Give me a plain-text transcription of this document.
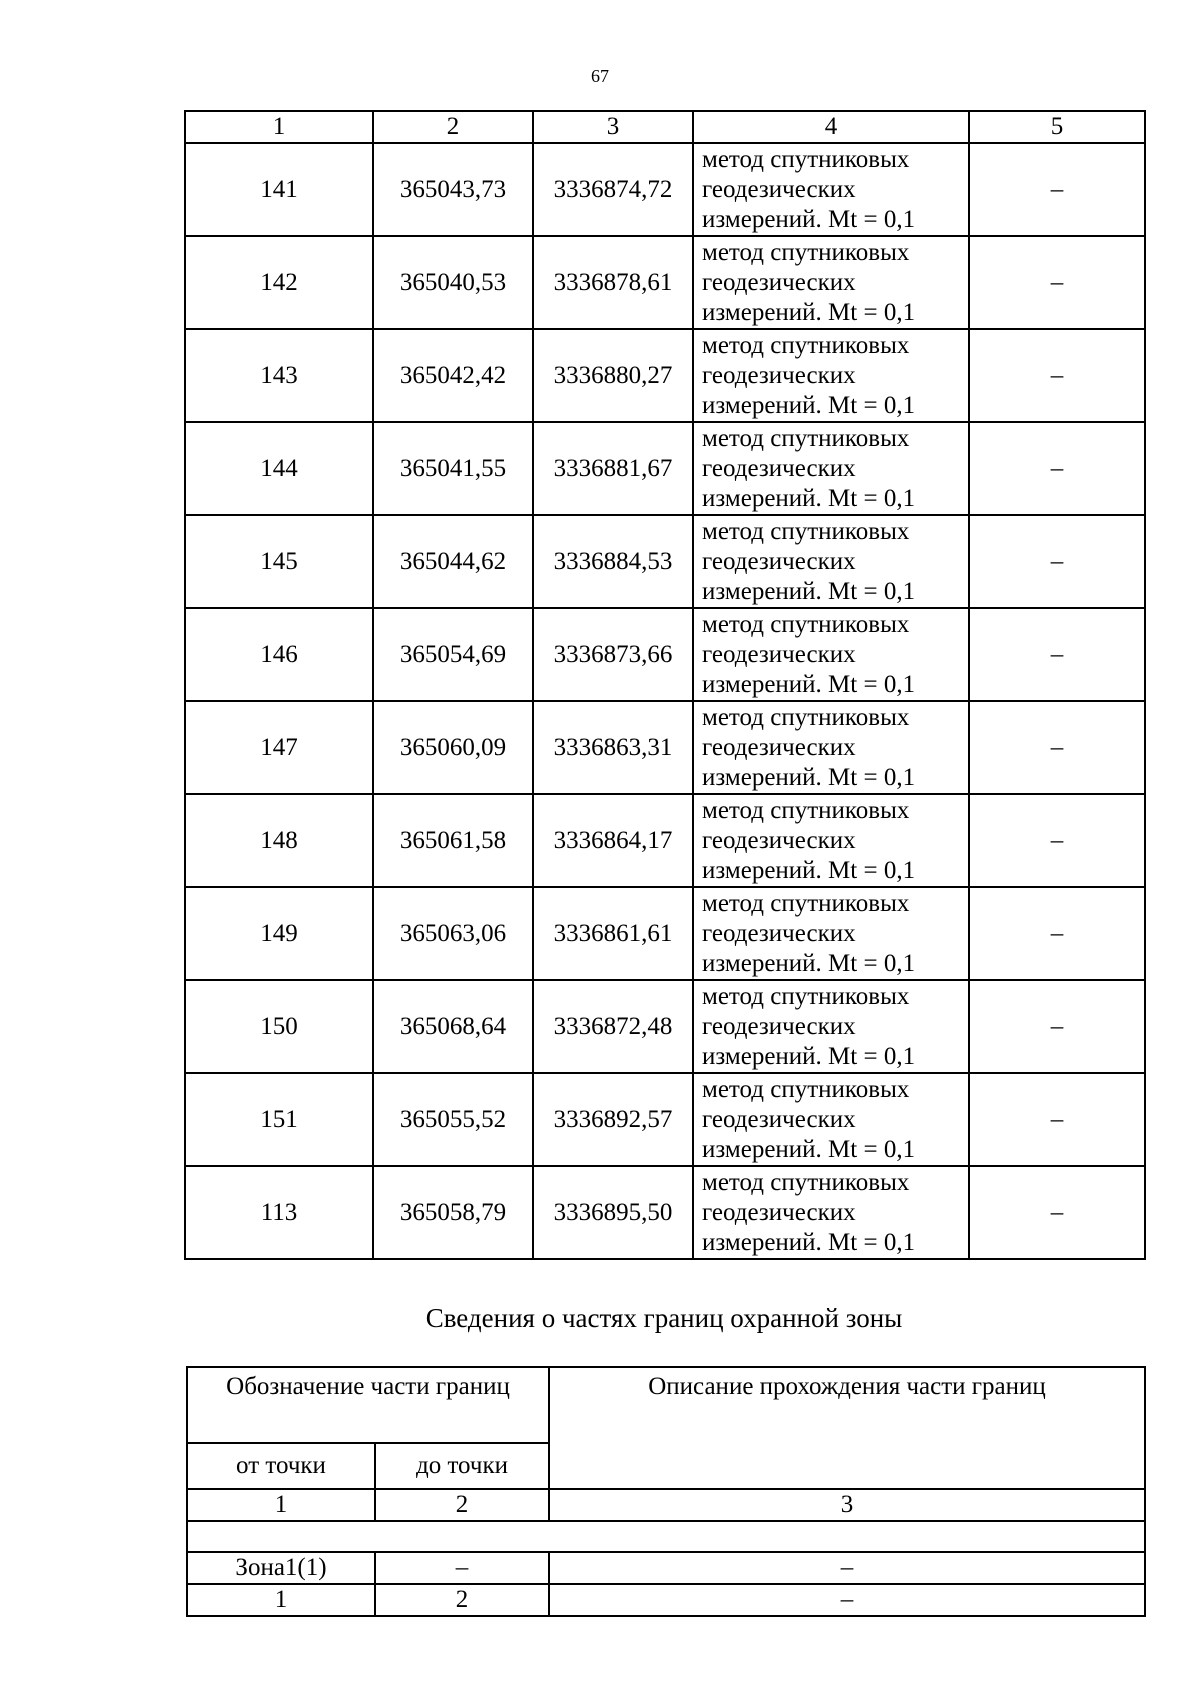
67
1	2	3	4	5
141	365043,73	3336874,72	метод спутниковых
геодезических
измерений. Mt = 0,1	–
142	365040,53	3336878,61	метод спутниковых
геодезических
измерений. Mt = 0,1	–
143	365042,42	3336880,27	метод спутниковых
геодезических
измерений. Mt = 0,1	–
144	365041,55	3336881,67	метод спутниковых
геодезических
измерений. Mt = 0,1	–
145	365044,62	3336884,53	метод спутниковых
геодезических
измерений. Mt = 0,1	–
146	365054,69	3336873,66	метод спутниковых
геодезических
измерений. Mt = 0,1	–
147	365060,09	3336863,31	метод спутниковых
геодезических
измерений. Mt = 0,1	–
148	365061,58	3336864,17	метод спутниковых
геодезических
измерений. Mt = 0,1	–
149	365063,06	3336861,61	метод спутниковых
геодезических
измерений. Mt = 0,1	–
150	365068,64	3336872,48	метод спутниковых
геодезических
измерений. Mt = 0,1	–
151	365055,52	3336892,57	метод спутниковых
геодезических
измерений. Mt = 0,1	–
113	365058,79	3336895,50	метод спутниковых
геодезических
измерений. Mt = 0,1	–
Сведения о частях границ охранной зоны
Обозначение части границ		Описание прохождения части границ
от точки	до точки	
1	2	3

Зона1(1)	–	–
1	2	–
